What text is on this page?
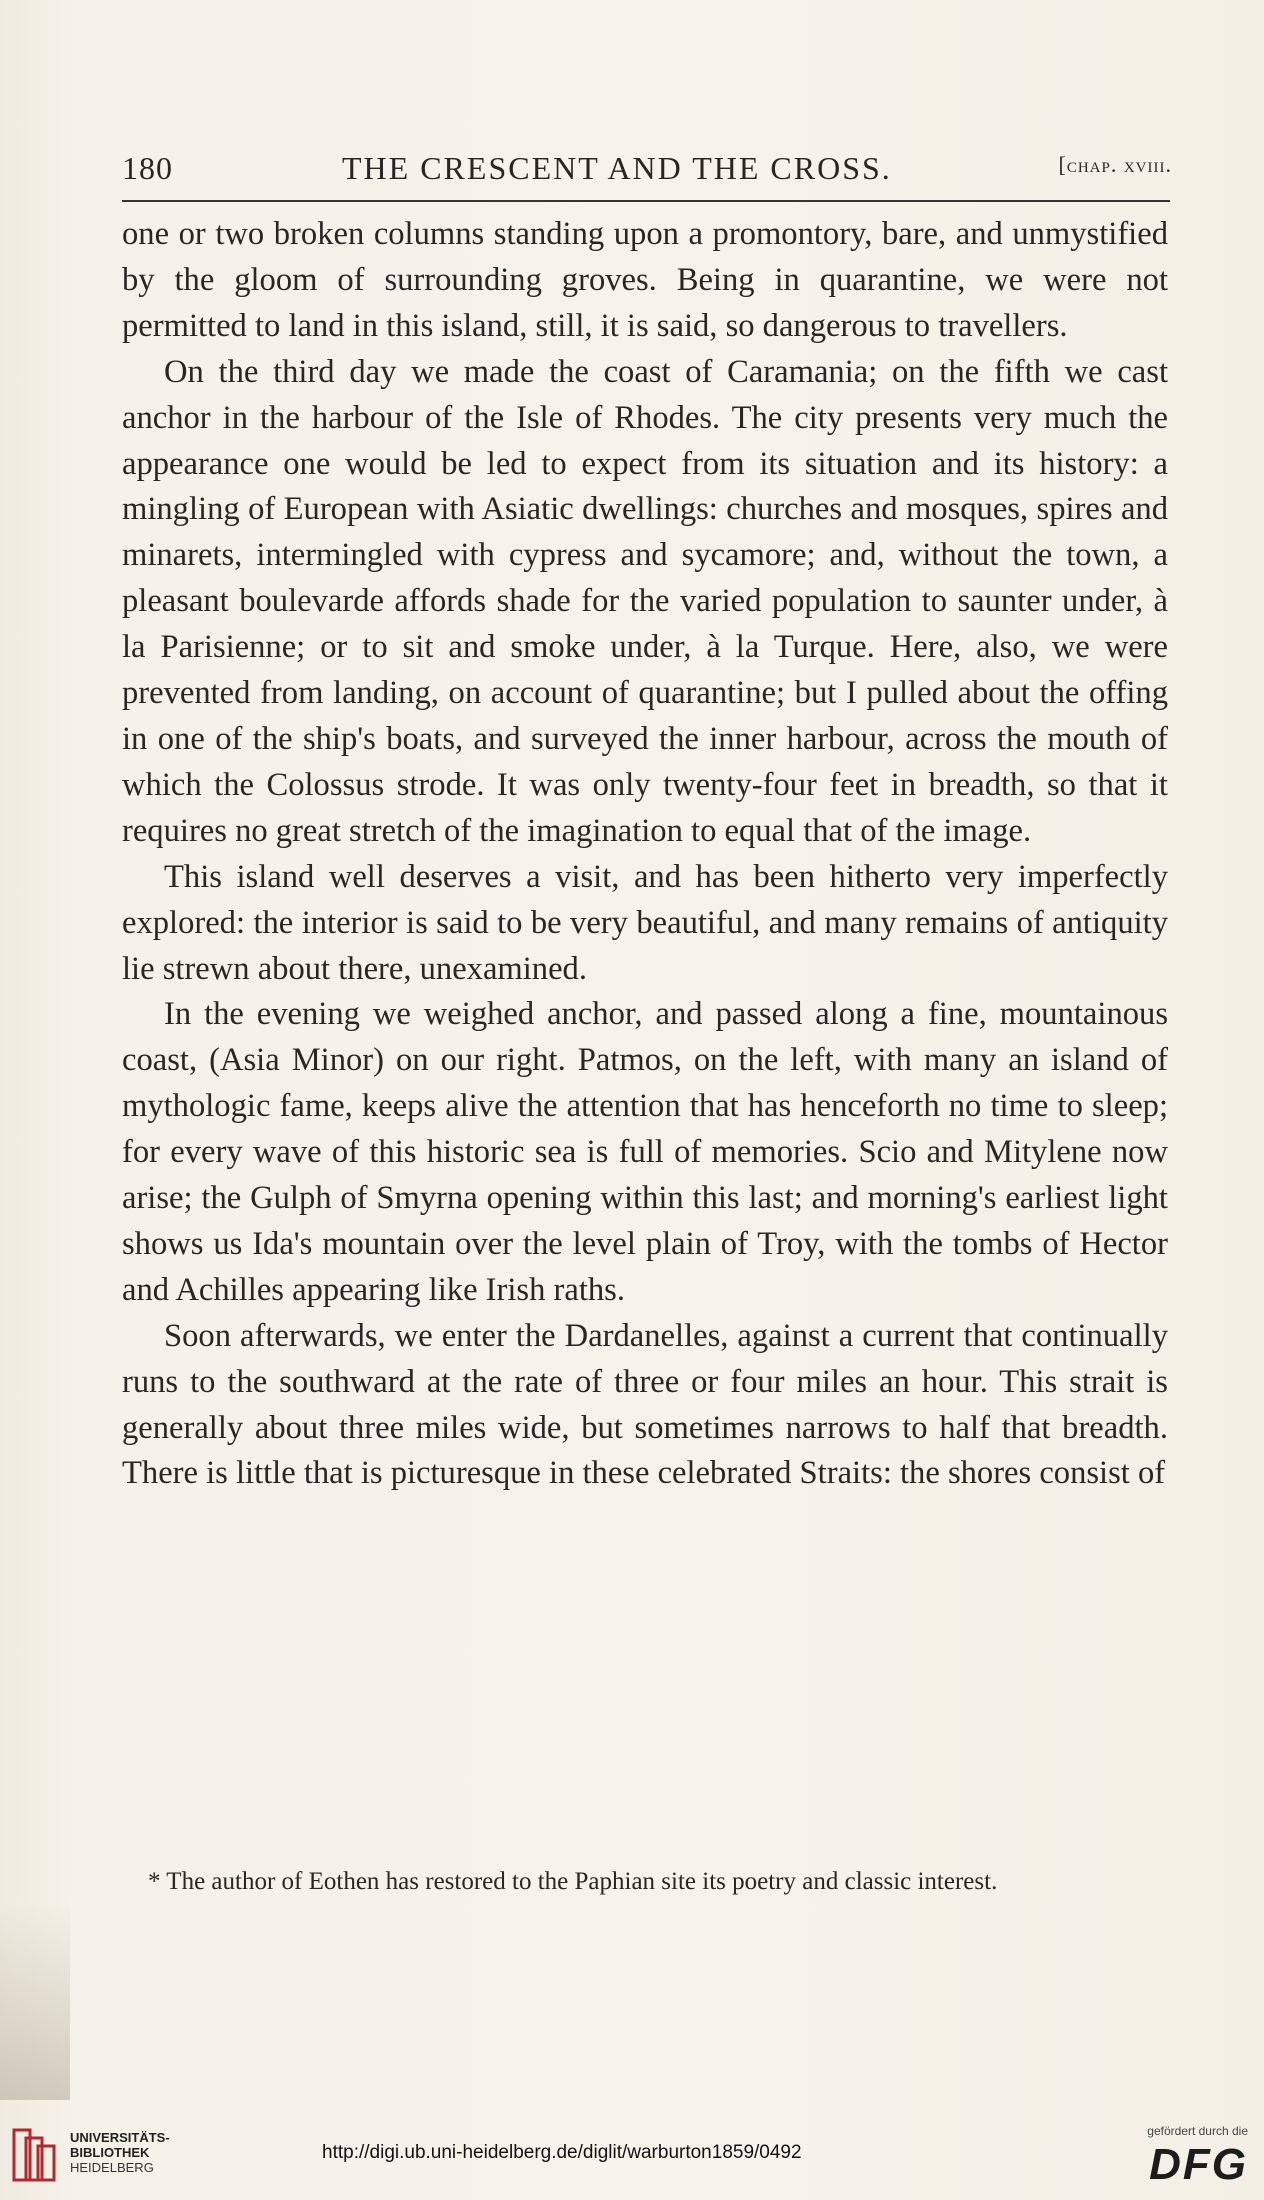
180	THE CRESCENT AND THE CROSS.	[chap. xviii.

one or two broken columns standing upon a promontory, bare, and unmystified by the gloom of surrounding groves. Being in quarantine, we were not permitted to land in this island, still, it is said, so dangerous to travellers.

On the third day we made the coast of Caramania; on the fifth we cast anchor in the harbour of the Isle of Rhodes. The city presents very much the appearance one would be led to expect from its situation and its history: a mingling of European with Asiatic dwellings: churches and mosques, spires and minarets, intermingled with cypress and sycamore; and, without the town, a pleasant boulevarde affords shade for the varied population to saunter under, à la Parisienne; or to sit and smoke under, à la Turque. Here, also, we were prevented from landing, on account of quarantine; but I pulled about the offing in one of the ship's boats, and surveyed the inner harbour, across the mouth of which the Colossus strode. It was only twenty-four feet in breadth, so that it requires no great stretch of the imagination to equal that of the image.

This island well deserves a visit, and has been hitherto very imperfectly explored: the interior is said to be very beautiful, and many remains of antiquity lie strewn about there, unexamined.

In the evening we weighed anchor, and passed along a fine, mountainous coast, (Asia Minor) on our right. Patmos, on the left, with many an island of mythologic fame, keeps alive the attention that has henceforth no time to sleep; for every wave of this historic sea is full of memories. Scio and Mitylene now arise; the Gulph of Smyrna opening within this last; and morning's earliest light shows us Ida's mountain over the level plain of Troy, with the tombs of Hector and Achilles appearing like Irish raths.

Soon afterwards, we enter the Dardanelles, against a current that continually runs to the southward at the rate of three or four miles an hour. This strait is generally about three miles wide, but sometimes narrows to half that breadth. There is little that is picturesque in these celebrated Straits: the shores consist of

* The author of Eothen has restored to the Paphian site its poetry and classic interest.

UNIVERSITÄTS-
BIBLIOTHEK
HEIDELBERG
http://digi.ub.uni-heidelberg.de/diglit/warburton1859/0492
gefördert durch die
DFG
